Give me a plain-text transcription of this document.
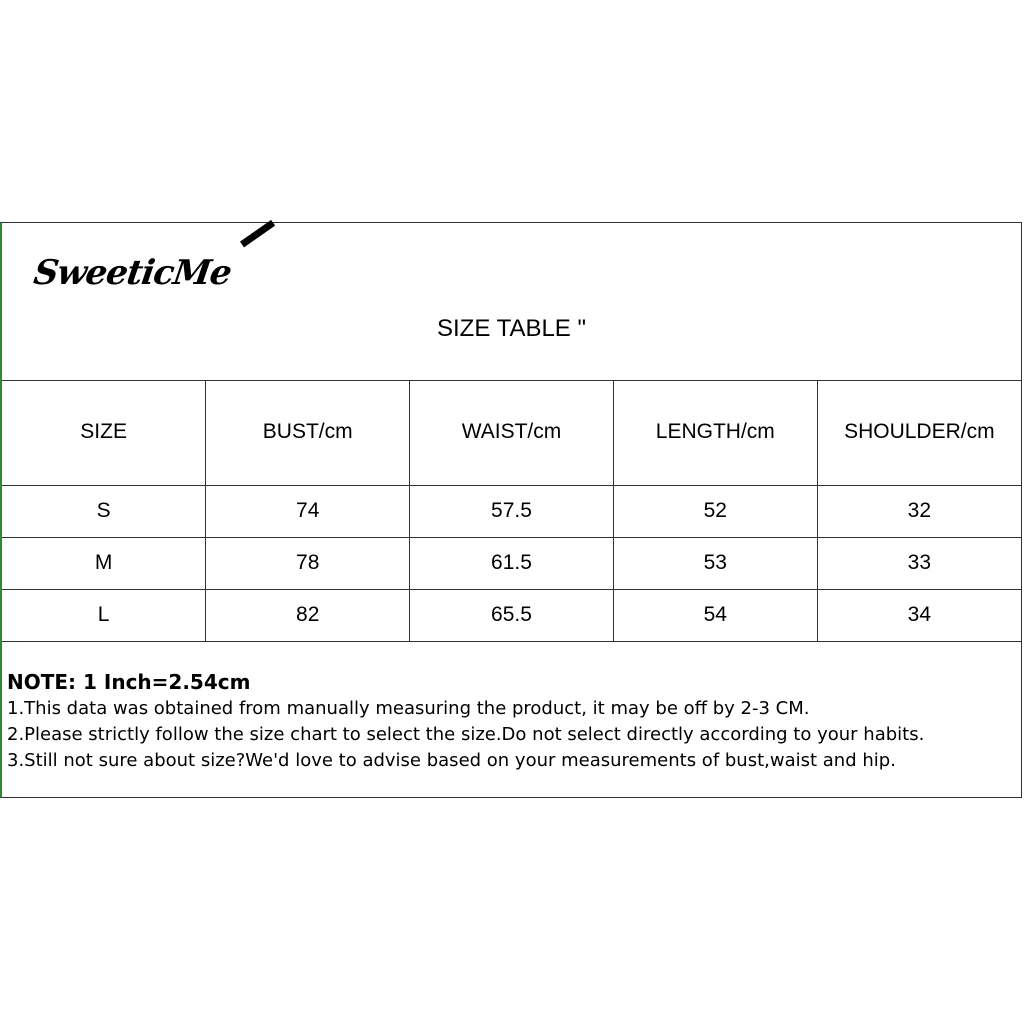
SweeticMe
SIZE TABLE "
SIZE	BUST/cm	WAIST/cm	LENGTH/cm	SHOULDER/cm
S	74	57.5	52	32
M	78	61.5	53	33
L	82	65.5	54	34
NOTE: 1 Inch=2.54cm
1.This data was obtained from manually measuring the product, it may be off by 2-3 CM.
2.Please strictly follow the size chart to select the size.Do not select directly according to your habits.
3.Still not sure about size?We'd love to advise based on your measurements of bust,waist and hip.
